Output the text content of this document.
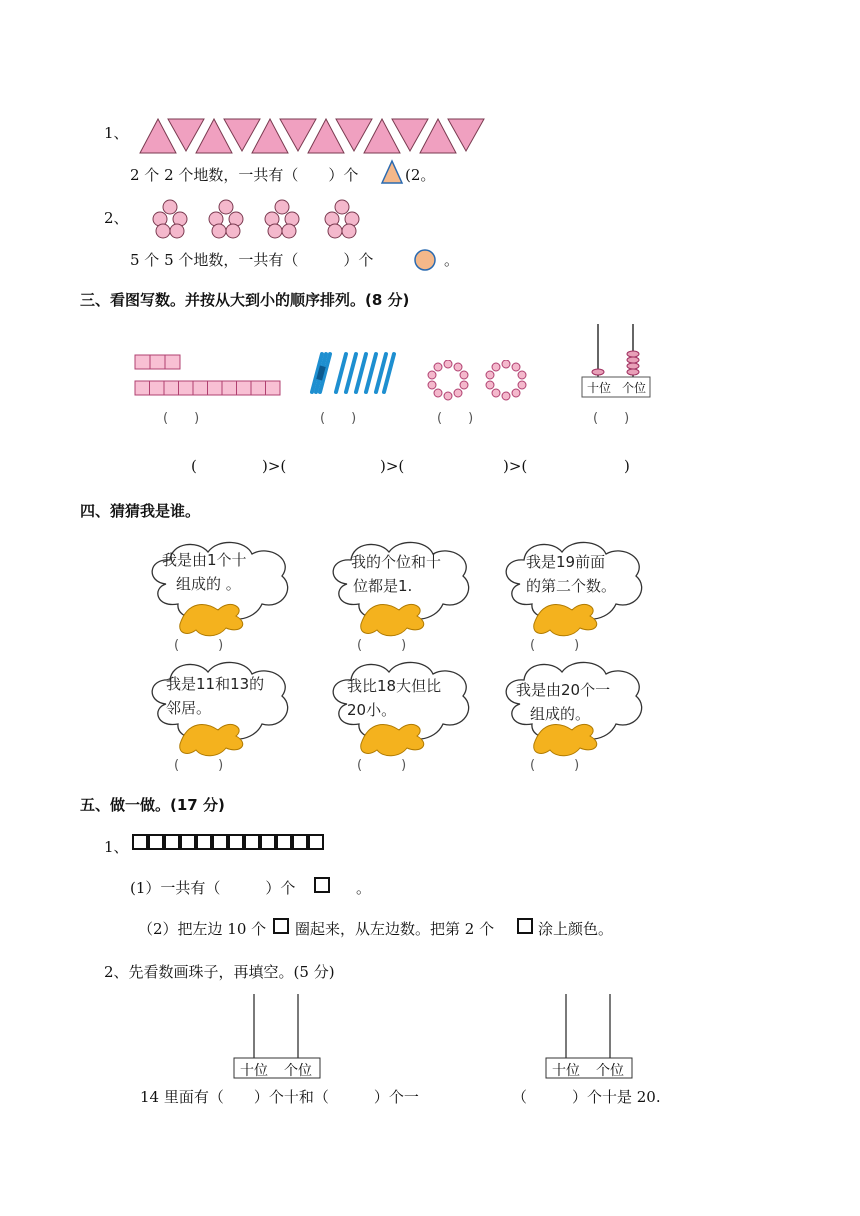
1、
2 个 2 个地数，一共有（　　）个	(2。
2、
5 个 5 个地数，一共有（　　　）个	。
三、看图写数。并按从大到小的顺序排列。(8 分)
十位 个位
(　　)	(　　)	(　　)	(　　)
(	)>(	)>(	)>(	)
四、猜猜我是谁。
我是由1个十
组成的 。
(　　　)
我的个位和十
位都是1.
(　　　)
我是19前面
的第二个数。
(　　　)
我是11和13的
邻居。
(　　　)
我比18大但比
20小。
(　　　)
我是由20个一
组成的。
(　　　)
五、做一做。(17 分)
1、
(1）一共有（　　　）个	。
（2）把左边 10 个 圈起来，从左边数。把第 2 个	涂上颜色。
2、先看数画珠子，再填空。(5 分)
十位 个位	十位 个位
14 里面有（　　）个十和（　　　）个一	（　　　）个十是 20.
